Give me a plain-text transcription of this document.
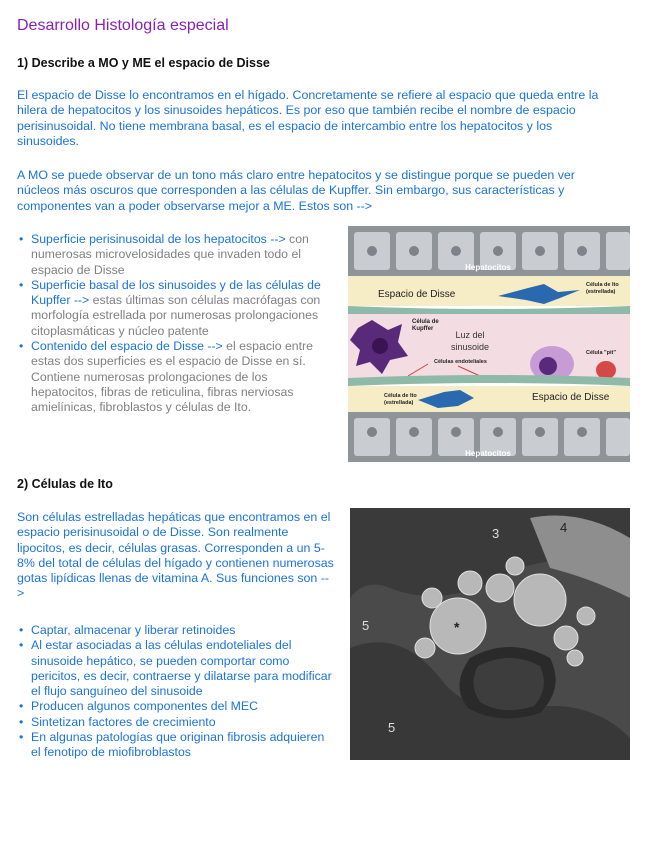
Desarrollo Histología especial
1) Describe a MO y ME el espacio de Disse

El espacio de Disse lo encontramos en el hígado. Concretamente se refiere al espacio que queda entre la hilera de hepatocitos y los sinusoides hepáticos. Es por eso que también recibe el nombre de espacio perisinusoidal. No tiene membrana basal, es el espacio de intercambio entre los hepatocitos y los sinusoides.

A MO se puede observar de un tono más claro entre hepatocitos y se distingue porque se pueden ver núcleos más oscuros que corresponden a las células de Kupffer. Sin embargo, sus características y componentes van a poder observarse mejor a ME. Estos son -->

• Superficie perisinusoidal de los hepatocitos --> con numerosas microvelosidades que invaden todo el espacio de Disse
• Superficie basal de los sinusoides y de las células de Kupffer --> estas últimas son células macrófagas con morfología estrellada por numerosas prolongaciones citoplasmáticas y núcleo patente
• Contenido del espacio de Disse --> el espacio entre estas dos superficies es el espacio de Disse en sí. Contiene numerosas prolongaciones de los hepatocitos, fibras de reticulina, fibras nerviosas amielínicas, fibroblastos y células de Ito.
Hepatocitos
Espacio de Disse
Célula de Ito
(estrellada)
Célula de
Kupffer
Luz del
sinusoide
Célula "pit"
Células endoteliales
Célula de Ito
(estrellada)	Espacio de Disse
Hepatocitos
2) Células de Ito

Son células estrelladas hepáticas que encontramos en el espacio perisinusoidal o de Disse. Son realmente lipocitos, es decir, células grasas. Corresponden a un 5-8% del total de células del hígado y contienen numerosas gotas lipídicas llenas de vitamina A. Sus funciones son -->

• Captar, almacenar y liberar retinoides
• Al estar asociadas a las células endoteliales del sinusoide hepático, se pueden comportar como pericitos, es decir, contraerse y dilatarse para modificar el flujo sanguíneo del sinusoide
• Producen algunos componentes del MEC
• Sintetizan factores de crecimiento
• En algunas patologías que originan fibrosis adquieren el fenotipo de miofibroblastos
*
3	4
5
5
